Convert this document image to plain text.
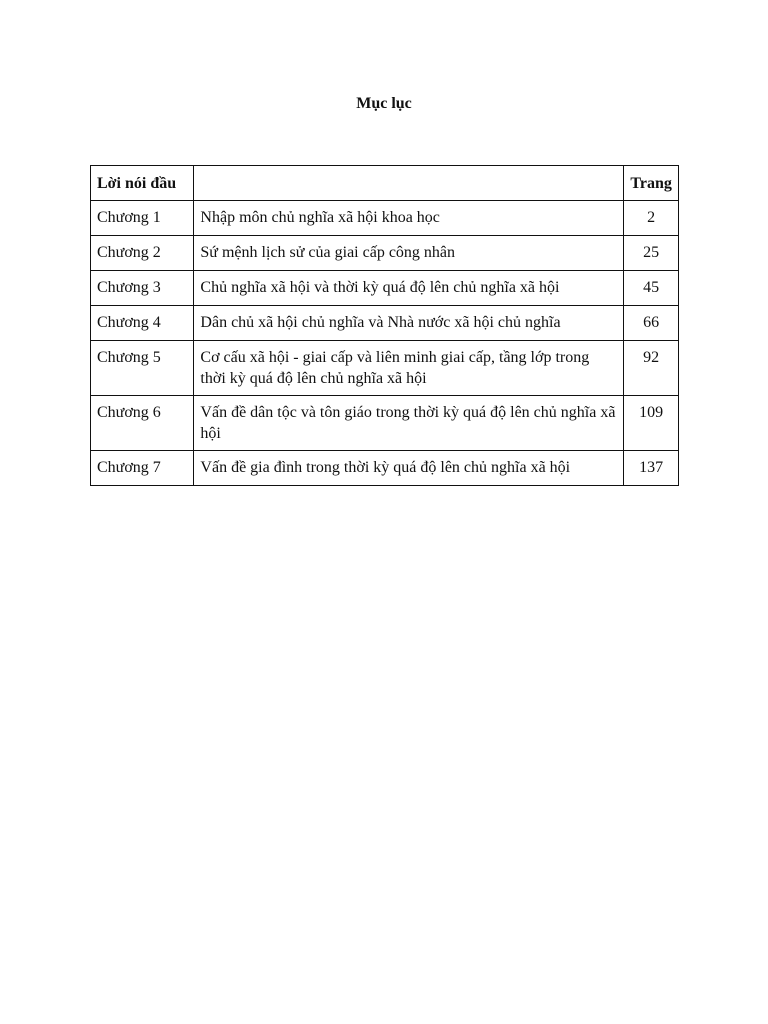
Mục lục
Lời nói đầu		Trang
Chương 1	Nhập môn chủ nghĩa xã hội khoa học	2
Chương 2	Sứ mệnh lịch sử của giai cấp công nhân	25
Chương 3	Chủ nghĩa xã hội và thời kỳ quá độ lên chủ nghĩa xã hội	45
Chương 4	Dân chủ xã hội chủ nghĩa và Nhà nước xã hội chủ nghĩa	66
Chương 5	Cơ cấu xã hội - giai cấp và liên minh giai cấp, tầng lớp trong thời kỳ quá độ lên chủ nghĩa xã hội	92
Chương 6	Vấn đề dân tộc và tôn giáo trong thời kỳ quá độ lên chủ nghĩa xã hội	109
Chương 7	Vấn đề gia đình trong thời kỳ quá độ lên chủ nghĩa xã hội	137
